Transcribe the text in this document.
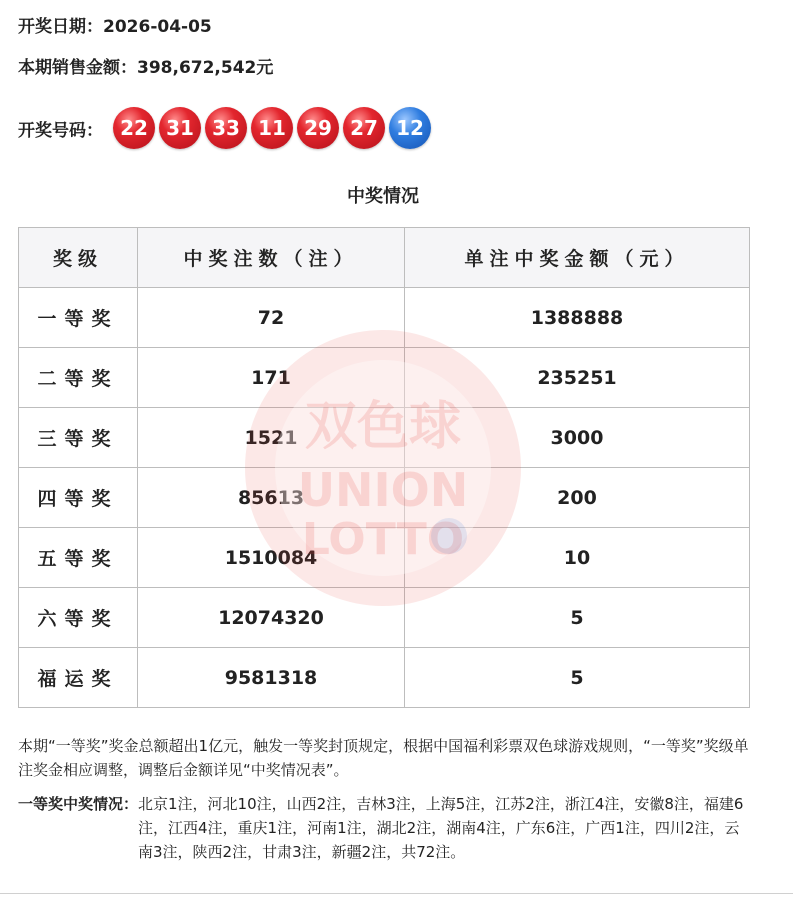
开奖日期：2026-04-05
本期销售金额：398,672,542元
开奖号码： 22 31 33 11 29 27 12
中奖情况
奖级	中奖注数（注）	单注中奖金额（元）
一等奖	72	1388888
二等奖	171	235251
三等奖	1521	3000
四等奖	85613	200
五等奖	1510084	10
六等奖	12074320	5
福运奖	9581318	5
双色球
UNION
LOTTO
本期“一等奖”奖金总额超出1亿元，触发一等奖封顶规定，根据中国福利彩票双色球游戏规则，“一等奖”奖级单注奖金相应调整，调整后金额详见“中奖情况表”。
一等奖中奖情况： 北京1注，河北10注，山西2注，吉林3注，上海5注，江苏2注，浙江4注，安徽8注，福建6注，江西4注，重庆1注，河南1注，湖北2注，湖南4注，广东6注，广西1注，四川2注，云南3注，陕西2注，甘肃3注，新疆2注，共72注。
